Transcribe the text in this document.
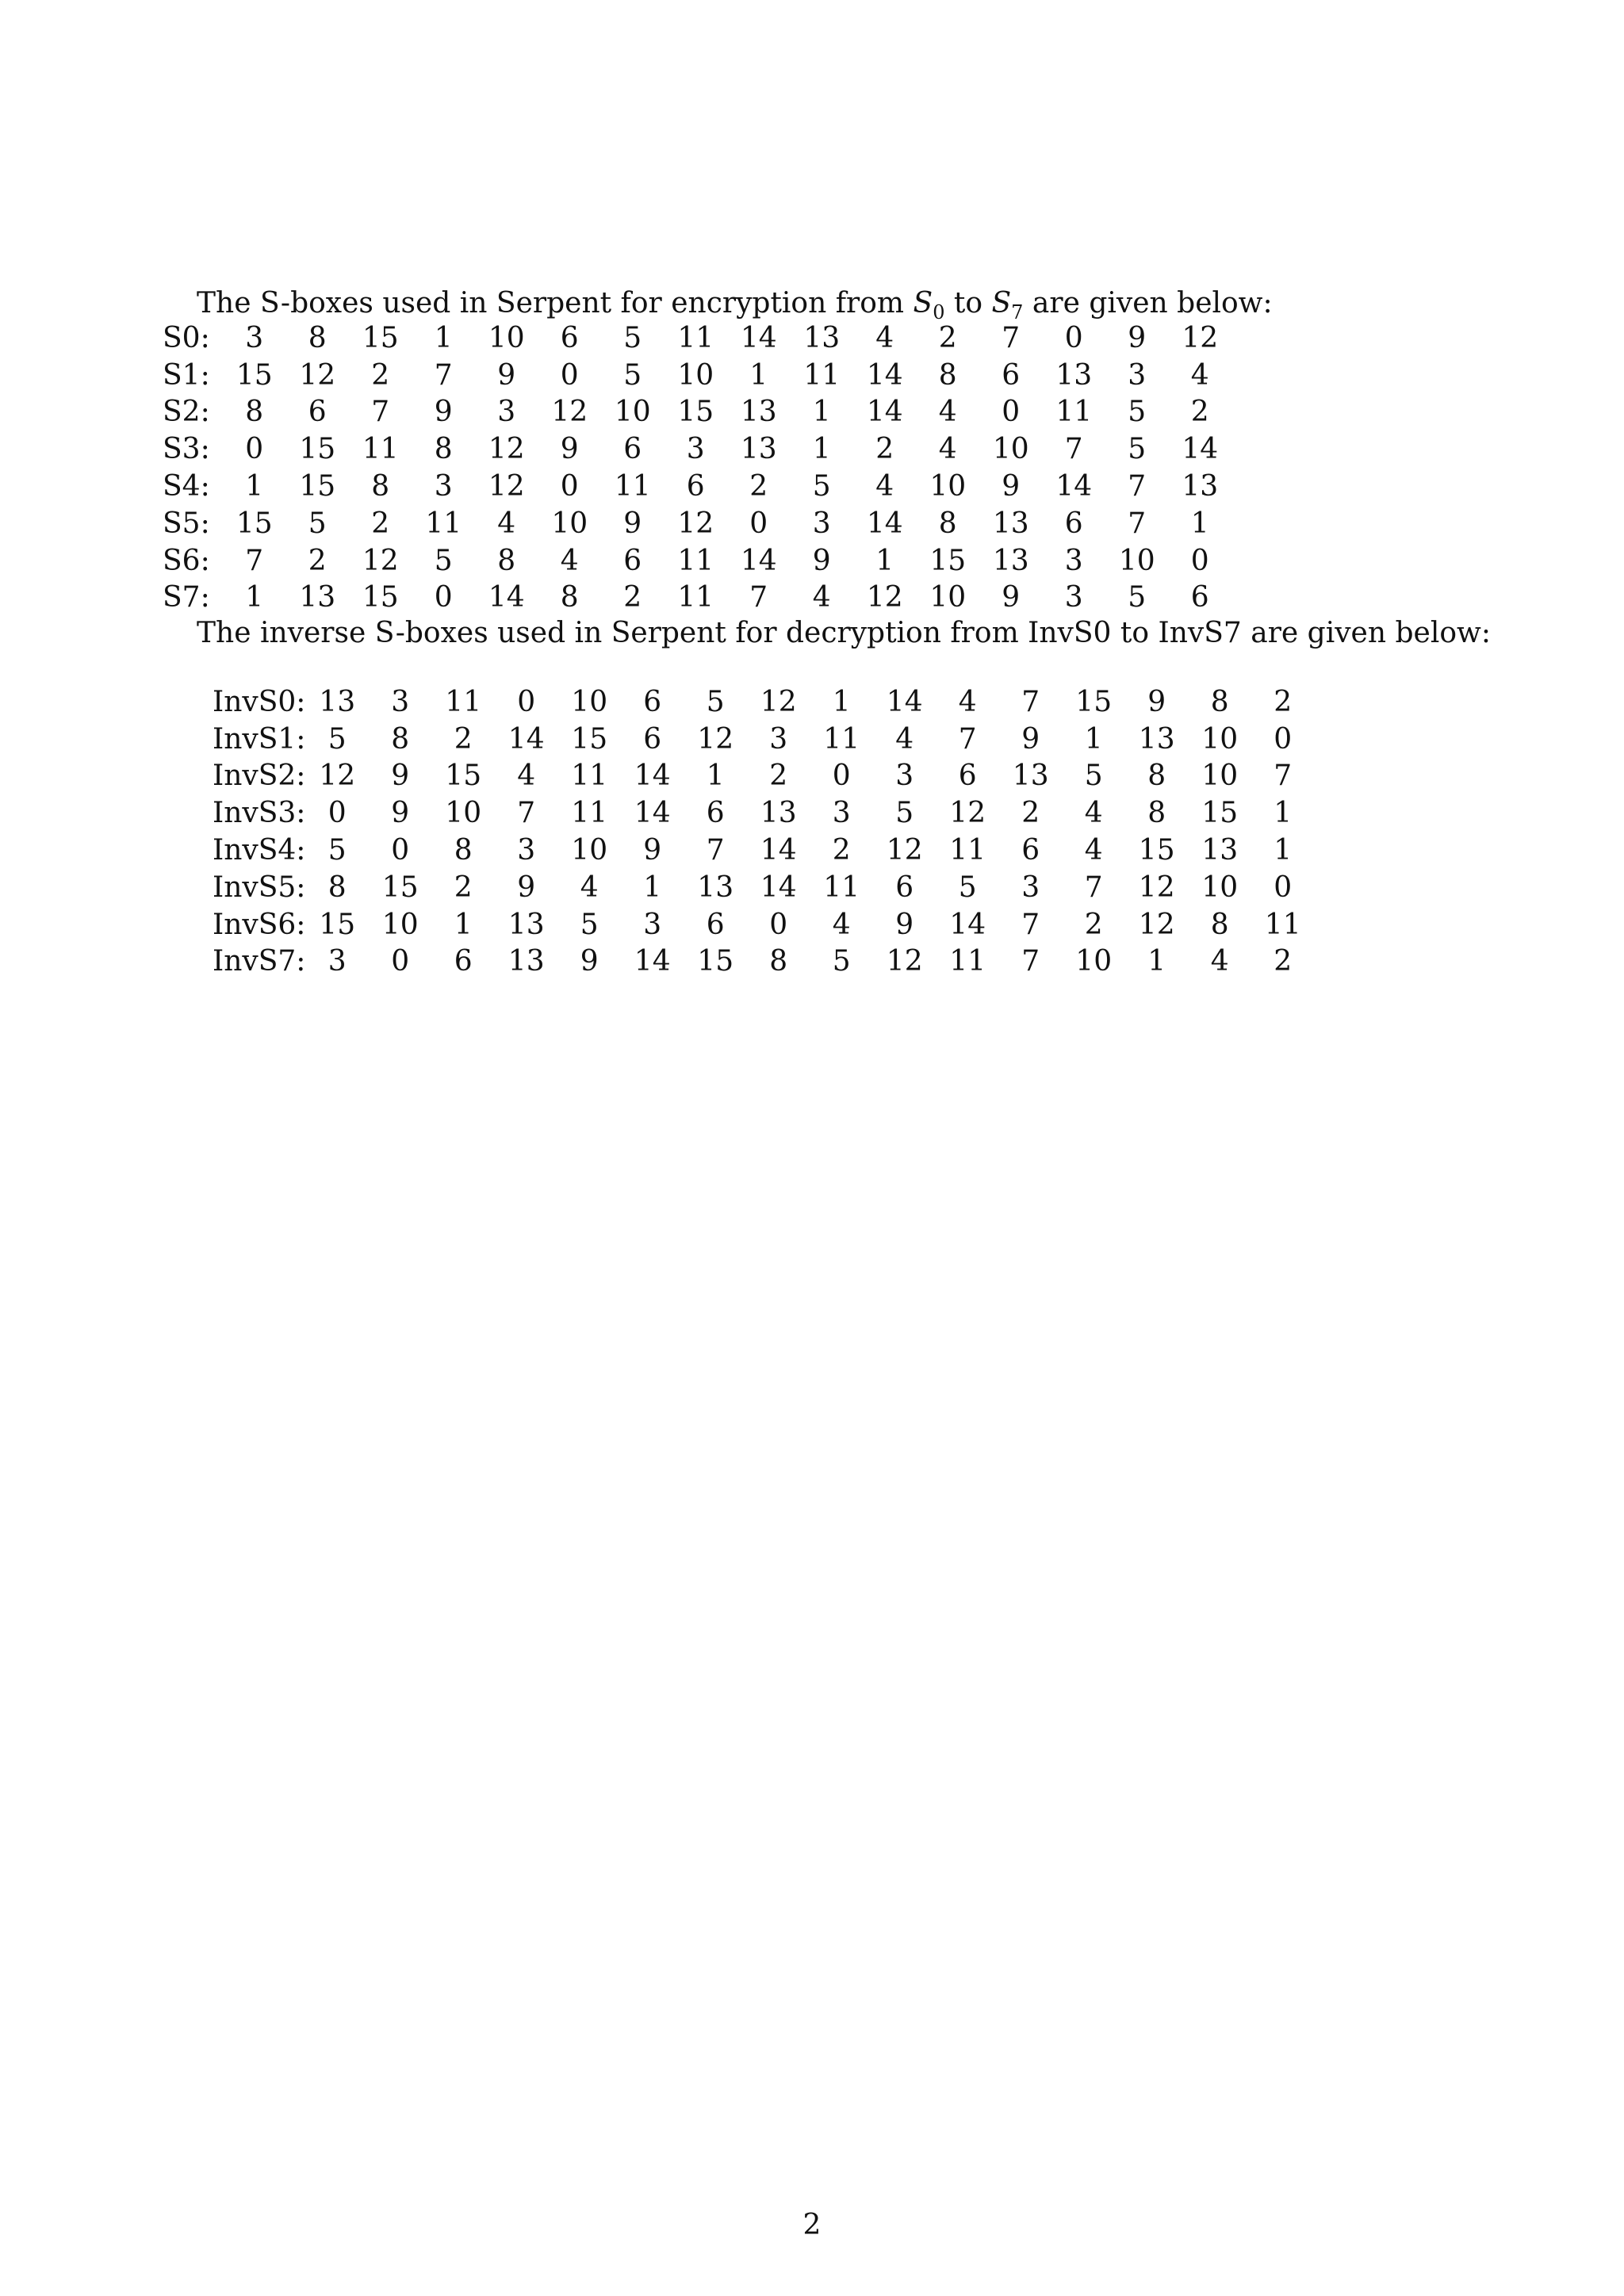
The S-boxes used in Serpent for encryption from $S_0$ to $S_7$ are given below:

S0:	3	8	15	1	10	6	5	11	14	13	4	2	7	0	9	12
S1:	15	12	2	7	9	0	5	10	1	11	14	8	6	13	3	4
S2:	8	6	7	9	3	12	10	15	13	1	14	4	0	11	5	2
S3:	0	15	11	8	12	9	6	3	13	1	2	4	10	7	5	14
S4:	1	15	8	3	12	0	11	6	2	5	4	10	9	14	7	13
S5:	15	5	2	11	4	10	9	12	0	3	14	8	13	6	7	1
S6:	7	2	12	5	8	4	6	11	14	9	1	15	13	3	10	0
S7:	1	13	15	0	14	8	2	11	7	4	12	10	9	3	5	6

The inverse S-boxes used in Serpent for decryption from InvS0 to InvS7 are given below:

InvS0:	13	3	11	0	10	6	5	12	1	14	4	7	15	9	8	2
InvS1:	5	8	2	14	15	6	12	3	11	4	7	9	1	13	10	0
InvS2:	12	9	15	4	11	14	1	2	0	3	6	13	5	8	10	7
InvS3:	0	9	10	7	11	14	6	13	3	5	12	2	4	8	15	1
InvS4:	5	0	8	3	10	9	7	14	2	12	11	6	4	15	13	1
InvS5:	8	15	2	9	4	1	13	14	11	6	5	3	7	12	10	0
InvS6:	15	10	1	13	5	3	6	0	4	9	14	7	2	12	8	11
InvS7:	3	0	6	13	9	14	15	8	5	12	11	7	10	1	4	2
2
